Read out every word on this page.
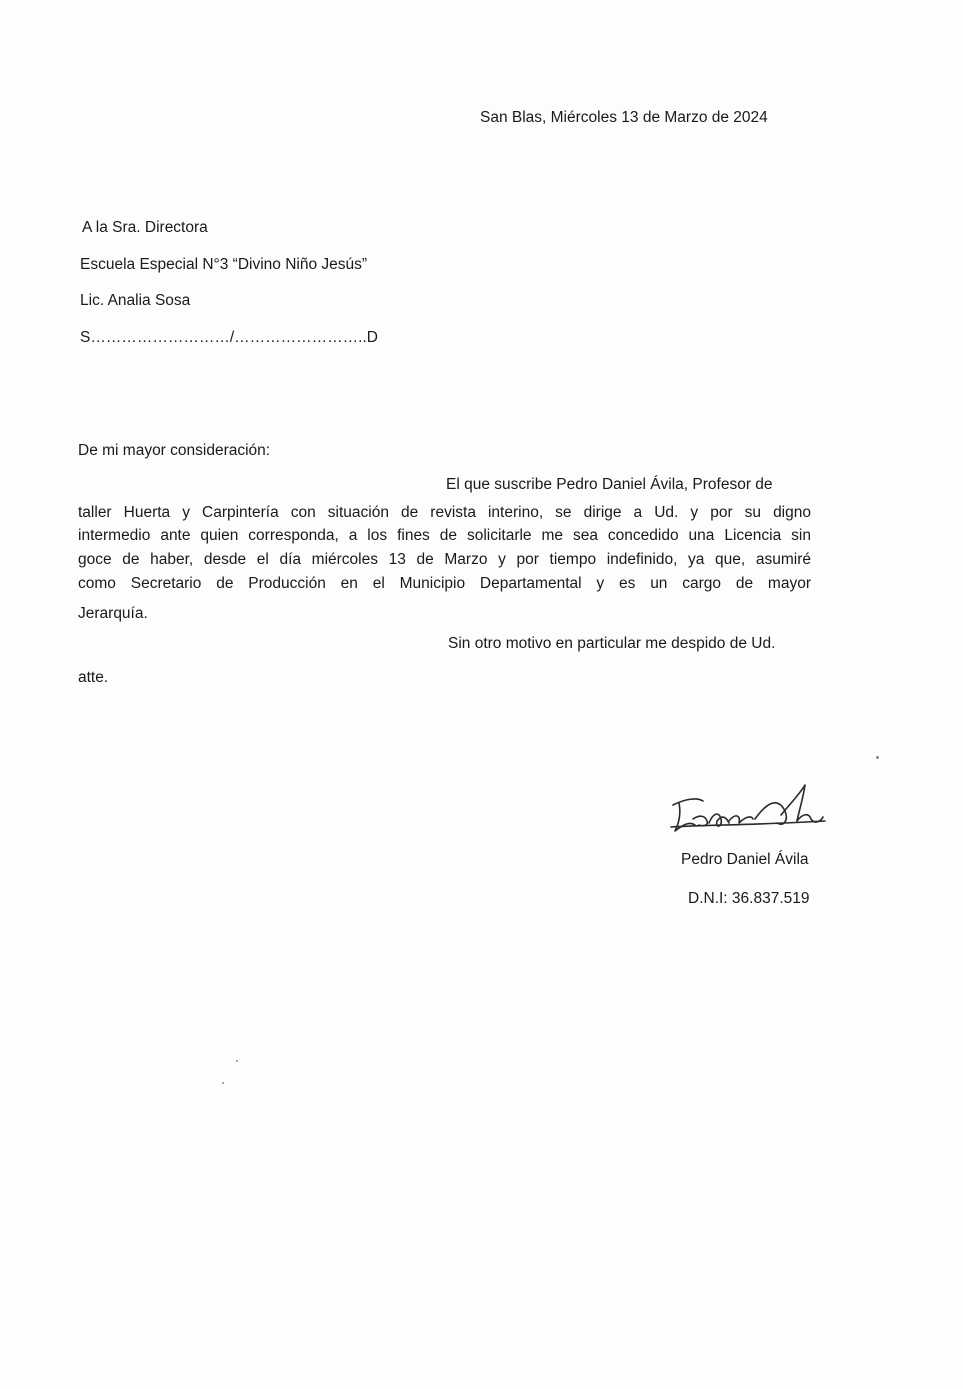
San Blas, Miércoles 13 de Marzo de 2024
A la Sra. Directora
Escuela Especial N°3 “Divino Niño Jesús”
Lic. Analia Sosa
S………………………/……………………..D
De mi mayor consideración:
El que suscribe Pedro Daniel Ávila, Profesor de
taller Huerta y Carpintería con situación de revista interino, se dirige a Ud. y por su digno
intermedio ante quien corresponda, a los fines de solicitarle me sea concedido una Licencia sin
goce de haber, desde el día miércoles 13 de Marzo y por tiempo indefinido, ya que, asumiré
como Secretario de Producción en el Municipio Departamental y es un cargo de mayor
Jerarquía.
Sin otro motivo en particular me despido de Ud.
atte.
Pedro Daniel Ávila
D.N.I: 36.837.519
